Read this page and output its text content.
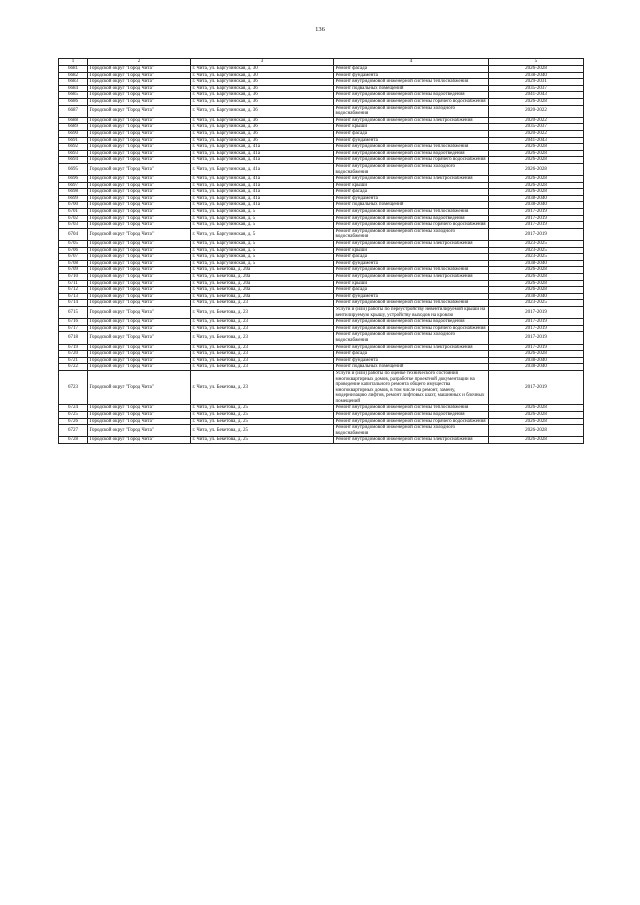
136
1	2	3	4	5
6681	Городской округ "Город Чита"	г. Чита, ул. Баргузинская, д. 30	Ремонт фасада	2026-2028
6682	Городской округ "Город Чита"	г. Чита, ул. Баргузинская, д. 30	Ремонт фундамента	2038-2040
6683	Городской округ "Город Чита"	г. Чита, ул. Баргузинская, д. 36	Ремонт внутридомовой инженерной системы теплоснабжения	2029-2031
6684	Городской округ "Город Чита"	г. Чита, ул. Баргузинская, д. 36	Ремонт подвальных помещений	2035-2037
6685	Городской округ "Город Чита"	г. Чита, ул. Баргузинская, д. 36	Ремонт внутридомовой инженерной системы водоотведения	2041-2043
6686	Городской округ "Город Чита"	г. Чита, ул. Баргузинская, д. 36	Ремонт внутридомовой инженерной системы горячего водоснабжения	2026-2028
6687	Городской округ "Город Чита"	г. Чита, ул. Баргузинская, д. 36	Ремонт внутридомовой инженерной системы холодного водоснабжения	2020-2022
6688	Городской округ "Город Чита"	г. Чита, ул. Баргузинская, д. 36	Ремонт внутридомовой инженерной системы электроснабжения	2020-2022
6689	Городской округ "Город Чита"	г. Чита, ул. Баргузинская, д. 36	Ремонт крыши	2035-2037
6690	Городской округ "Город Чита"	г. Чита, ул. Баргузинская, д. 36	Ремонт фасада	2020-2022
6691	Городской округ "Город Чита"	г. Чита, ул. Баргузинская, д. 36	Ремонт фундамента	2041-2043
6692	Городской округ "Город Чита"	г. Чита, ул. Баргузинская, д. 41а	Ремонт внутридомовой инженерной системы теплоснабжения	2026-2028
6693	Городской округ "Город Чита"	г. Чита, ул. Баргузинская, д. 41а	Ремонт внутридомовой инженерной системы водоотведения	2026-2028
6694	Городской округ "Город Чита"	г. Чита, ул. Баргузинская, д. 41а	Ремонт внутридомовой инженерной системы горячего водоснабжения	2026-2028
6695	Городской округ "Город Чита"	г. Чита, ул. Баргузинская, д. 41а	Ремонт внутридомовой инженерной системы холодного водоснабжения	2026-2028
6696	Городской округ "Город Чита"	г. Чита, ул. Баргузинская, д. 41а	Ремонт внутридомовой инженерной системы электроснабжения	2026-2028
6697	Городской округ "Город Чита"	г. Чита, ул. Баргузинская, д. 41а	Ремонт крыши	2026-2028
6698	Городской округ "Город Чита"	г. Чита, ул. Баргузинская, д. 41а	Ремонт фасада	2026-2028
6699	Городской округ "Город Чита"	г. Чита, ул. Баргузинская, д. 41а	Ремонт фундамента	2038-2040
6700	Городской округ "Город Чита"	г. Чита, ул. Баргузинская, д. 41а	Ремонт подвальных помещений	2038-2040
6701	Городской округ "Город Чита"	г. Чита, ул. Баргузинская, д. 5	Ремонт внутридомовой инженерной системы теплоснабжения	2017-2019
6702	Городской округ "Город Чита"	г. Чита, ул. Баргузинская, д. 5	Ремонт внутридомовой инженерной системы водоотведения	2017-2019
6703	Городской округ "Город Чита"	г. Чита, ул. Баргузинская, д. 5	Ремонт внутридомовой инженерной системы горячего водоснабжения	2017-2019
6704	Городской округ "Город Чита"	г. Чита, ул. Баргузинская, д. 5	Ремонт внутридомовой инженерной системы холодного водоснабжения	2017-2019
6705	Городской округ "Город Чита"	г. Чита, ул. Баргузинская, д. 5	Ремонт внутридомовой инженерной системы электроснабжения	2023-2025
6706	Городской округ "Город Чита"	г. Чита, ул. Баргузинская, д. 5	Ремонт крыши	2023-2025
6707	Городской округ "Город Чита"	г. Чита, ул. Баргузинская, д. 5	Ремонт фасада	2023-2025
6708	Городской округ "Город Чита"	г. Чита, ул. Баргузинская, д. 5	Ремонт фундамента	2038-2040
6709	Городской округ "Город Чита"	г. Чита, ул. Бекетова, д. 20а	Ремонт внутридомовой инженерной системы теплоснабжения	2026-2028
6710	Городской округ "Город Чита"	г. Чита, ул. Бекетова, д. 20а	Ремонт внутридомовой инженерной системы электроснабжения	2026-2028
6711	Городской округ "Город Чита"	г. Чита, ул. Бекетова, д. 20а	Ремонт крыши	2026-2028
6712	Городской округ "Город Чита"	г. Чита, ул. Бекетова, д. 20а	Ремонт фасада	2026-2028
6713	Городской округ "Город Чита"	г. Чита, ул. Бекетова, д. 20а	Ремонт фундамента	2038-2040
6714	Городской округ "Город Чита"	г. Чита, ул. Бекетова, д. 23	Ремонт внутридомовой инженерной системы теплоснабжения	2023-2025
6715	Городской округ "Город Чита"	г. Чита, ул. Бекетова, д. 23	Услуги и (или) работы по переустройству невентилируемой крыши на вентилируемую крышу, устройству выходов на кровлю	2017-2019
6716	Городской округ "Город Чита"	г. Чита, ул. Бекетова, д. 23	Ремонт внутридомовой инженерной системы водоотведения	2017-2019
6717	Городской округ "Город Чита"	г. Чита, ул. Бекетова, д. 23	Ремонт внутридомовой инженерной системы горячего водоснабжения	2017-2019
6718	Городской округ "Город Чита"	г. Чита, ул. Бекетова, д. 23	Ремонт внутридомовой инженерной системы холодного водоснабжения	2017-2019
6719	Городской округ "Город Чита"	г. Чита, ул. Бекетова, д. 23	Ремонт внутридомовой инженерной системы электроснабжения	2017-2019
6720	Городской округ "Город Чита"	г. Чита, ул. Бекетова, д. 23	Ремонт фасада	2026-2028
6721	Городской округ "Город Чита"	г. Чита, ул. Бекетова, д. 23	Ремонт фундамента	2038-2040
6722	Городской округ "Город Чита"	г. Чита, ул. Бекетова, д. 23	Ремонт подвальных помещений	2038-2040
6723	Городской округ "Город Чита"	г. Чита, ул. Бекетова, д. 23	Услуги и (или) работы по оценке технического состояния многоквартирных домов, разработке проектной документации на проведение капитального ремонта общего имущества многоквартирных домов, в том числе на ремонт, замену, модернизацию лифтов, ремонт лифтовых шахт, машинных и блочных помещений	2017-2019
6724	Городской округ "Город Чита"	г. Чита, ул. Бекетова, д. 25	Ремонт внутридомовой инженерной системы теплоснабжения	2026-2028
6725	Городской округ "Город Чита"	г. Чита, ул. Бекетова, д. 25	Ремонт внутридомовой инженерной системы водоотведения	2026-2028
6726	Городской округ "Город Чита"	г. Чита, ул. Бекетова, д. 25	Ремонт внутридомовой инженерной системы горячего водоснабжения	2026-2028
6727	Городской округ "Город Чита"	г. Чита, ул. Бекетова, д. 25	Ремонт внутридомовой инженерной системы холодного водоснабжения	2026-2028
6728	Городской округ "Город Чита"	г. Чита, ул. Бекетова, д. 25	Ремонт внутридомовой инженерной системы электроснабжения	2026-2028
